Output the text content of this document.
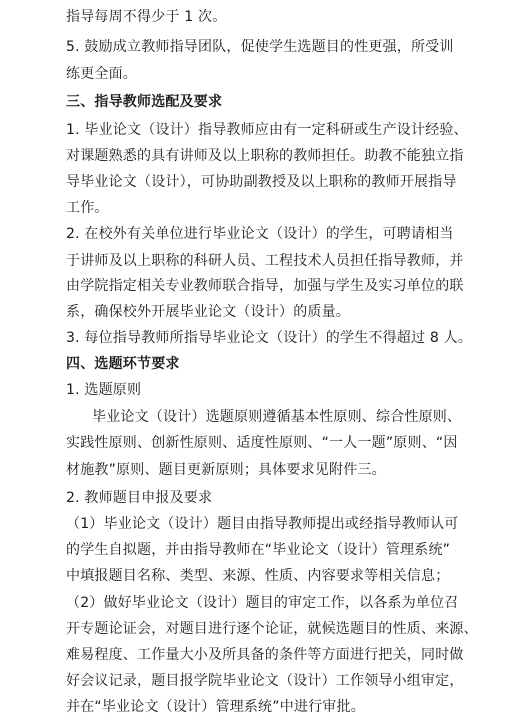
指导每周不得少于 1 次。
5. 鼓励成立教师指导团队，促使学生选题目的性更强，所受训
练更全面。
三、指导教师选配及要求
1. 毕业论文（设计）指导教师应由有一定科研或生产设计经验、
对课题熟悉的具有讲师及以上职称的教师担任。助教不能独立指
导毕业论文（设计），可协助副教授及以上职称的教师开展指导
工作。
2. 在校外有关单位进行毕业论文（设计）的学生，可聘请相当
于讲师及以上职称的科研人员、工程技术人员担任指导教师，并
由学院指定相关专业教师联合指导，加强与学生及实习单位的联
系，确保校外开展毕业论文（设计）的质量。
3. 每位指导教师所指导毕业论文（设计）的学生不得超过 8 人。
四、选题环节要求
1. 选题原则
毕业论文（设计）选题原则遵循基本性原则、综合性原则、
实践性原则、创新性原则、适度性原则、“一人一题”原则、“因
材施教”原则、题目更新原则；具体要求见附件三。
2. 教师题目申报及要求
（1）毕业论文（设计）题目由指导教师提出或经指导教师认可
的学生自拟题，并由指导教师在“毕业论文（设计）管理系统”
中填报题目名称、类型、来源、性质、内容要求等相关信息；
（2）做好毕业论文（设计）题目的审定工作，以各系为单位召
开专题论证会，对题目进行逐个论证，就候选题目的性质、来源、
难易程度、工作量大小及所具备的条件等方面进行把关，同时做
好会议记录，题目报学院毕业论文（设计）工作领导小组审定，
并在“毕业论文（设计）管理系统”中进行审批。
